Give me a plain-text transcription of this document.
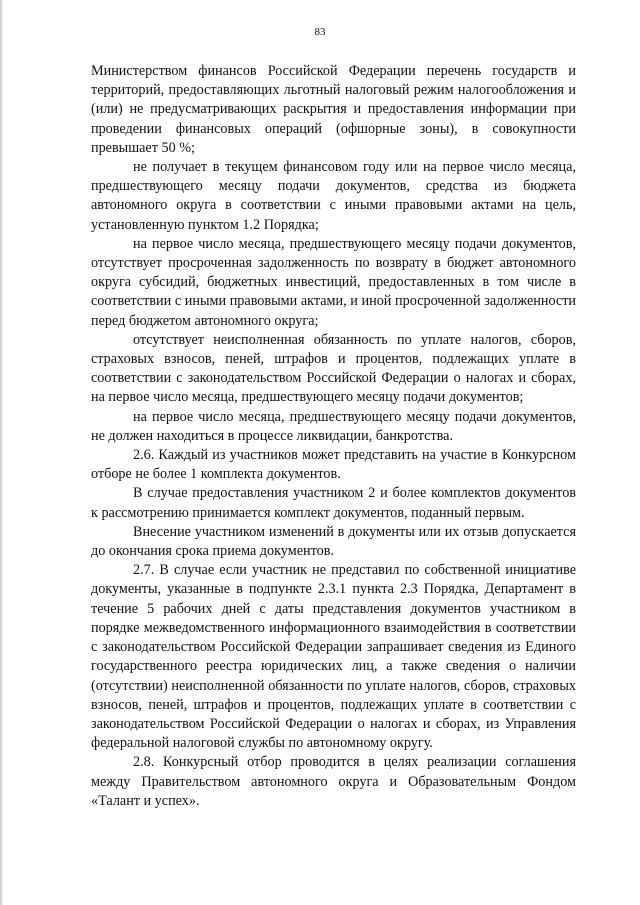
83

Министерством финансов Российской Федерации перечень государств и территорий, предоставляющих льготный налоговый режим налогообложения и (или) не предусматривающих раскрытия и предоставления информации при проведении финансовых операций (офшорные зоны), в совокупности превышает 50 %;

не получает в текущем финансовом году или на первое число месяца, предшествующего месяцу подачи документов, средства из бюджета автономного округа в соответствии с иными правовыми актами на цель, установленную пунктом 1.2 Порядка;

на первое число месяца, предшествующего месяцу подачи документов, отсутствует просроченная задолженность по возврату в бюджет автономного округа субсидий, бюджетных инвестиций, предоставленных в том числе в соответствии с иными правовыми актами, и иной просроченной задолженности перед бюджетом автономного округа;

отсутствует неисполненная обязанность по уплате налогов, сборов, страховых взносов, пеней, штрафов и процентов, подлежащих уплате в соответствии с законодательством Российской Федерации о налогах и сборах, на первое число месяца, предшествующего месяцу подачи документов;

на первое число месяца, предшествующего месяцу подачи документов, не должен находиться в процессе ликвидации, банкротства.

2.6. Каждый из участников может представить на участие в Конкурсном отборе не более 1 комплекта документов.

В случае предоставления участником 2 и более комплектов документов к рассмотрению принимается комплект документов, поданный первым.

Внесение участником изменений в документы или их отзыв допускается до окончания срока приема документов.

2.7. В случае если участник не представил по собственной инициативе документы, указанные в подпункте 2.3.1 пункта 2.3 Порядка, Департамент в течение 5 рабочих дней с даты представления документов участником в порядке межведомственного информационного взаимодействия в соответствии с законодательством Российской Федерации запрашивает сведения из Единого государственного реестра юридических лиц, а также сведения о наличии (отсутствии) неисполненной обязанности по уплате налогов, сборов, страховых взносов, пеней, штрафов и процентов, подлежащих уплате в соответствии с законодательством Российской Федерации о налогах и сборах, из Управления федеральной налоговой службы по автономному округу.

2.8. Конкурсный отбор проводится в целях реализации соглашения между Правительством автономного округа и Образовательным Фондом «Талант и успех».
